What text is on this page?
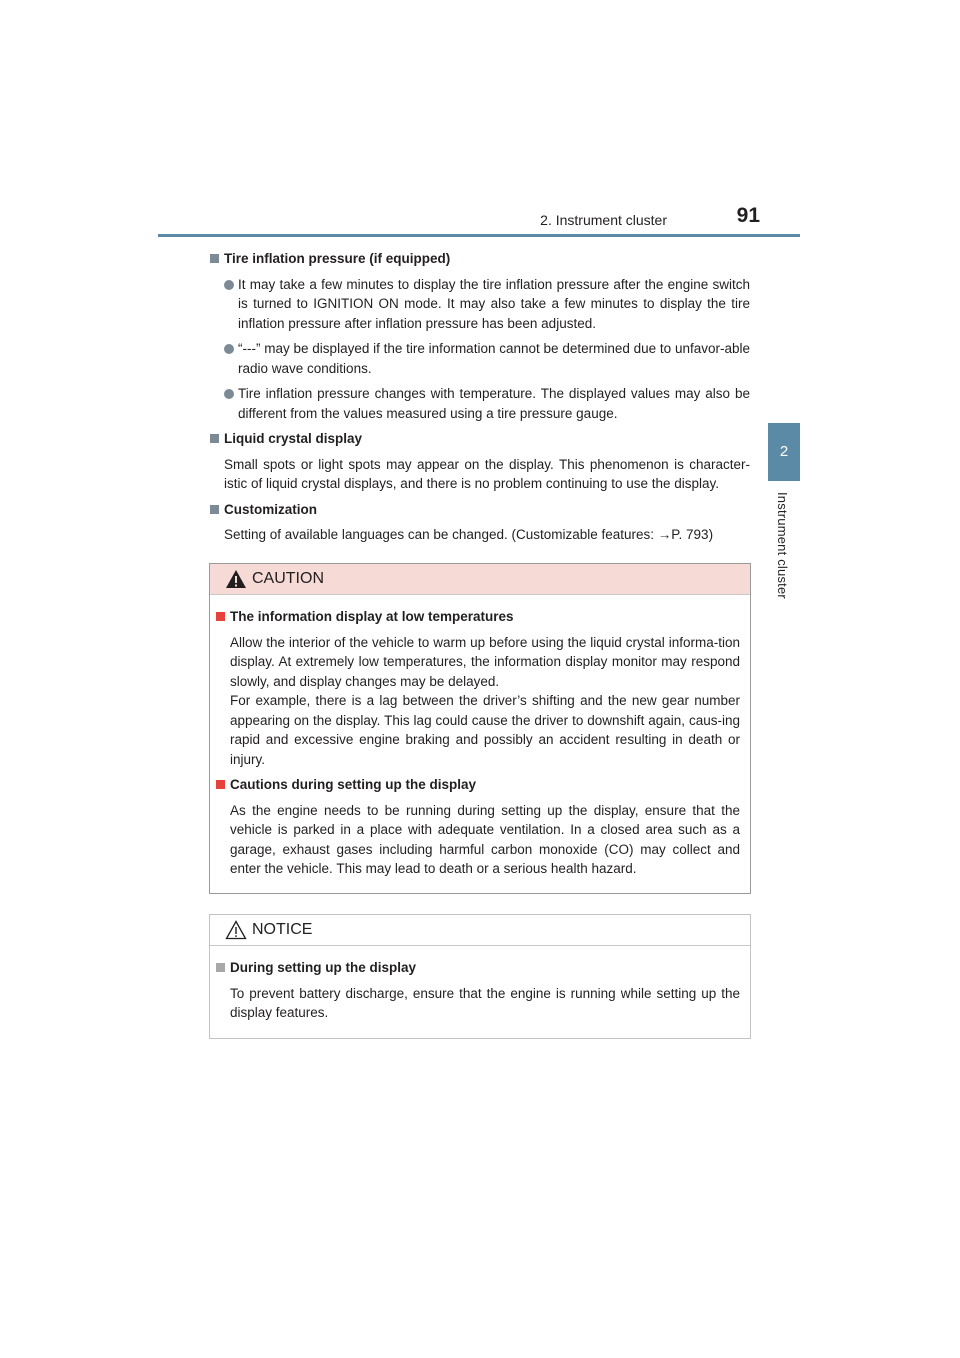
2. Instrument cluster	91
2
Instrument cluster
Tire inflation pressure (if equipped)
It may take a few minutes to display the tire inflation pressure after the engine switch is turned to IGNITION ON mode. It may also take a few minutes to display the tire inflation pressure after inflation pressure has been adjusted.
“---” may be displayed if the tire information cannot be determined due to unfavor-able radio wave conditions.
Tire inflation pressure changes with temperature. The displayed values may also be different from the values measured using a tire pressure gauge.
Liquid crystal display
Small spots or light spots may appear on the display. This phenomenon is character-istic of liquid crystal displays, and there is no problem continuing to use the display.
Customization
Setting of available languages can be changed. (Customizable features: →P. 793)
CAUTION
The information display at low temperatures
Allow the interior of the vehicle to warm up before using the liquid crystal informa-tion display. At extremely low temperatures, the information display monitor may respond slowly, and display changes may be delayed.
For example, there is a lag between the driver’s shifting and the new gear number appearing on the display. This lag could cause the driver to downshift again, caus-ing rapid and excessive engine braking and possibly an accident resulting in death or injury.
Cautions during setting up the display
As the engine needs to be running during setting up the display, ensure that the vehicle is parked in a place with adequate ventilation. In a closed area such as a garage, exhaust gases including harmful carbon monoxide (CO) may collect and enter the vehicle. This may lead to death or a serious health hazard.
NOTICE
During setting up the display
To prevent battery discharge, ensure that the engine is running while setting up the display features.
